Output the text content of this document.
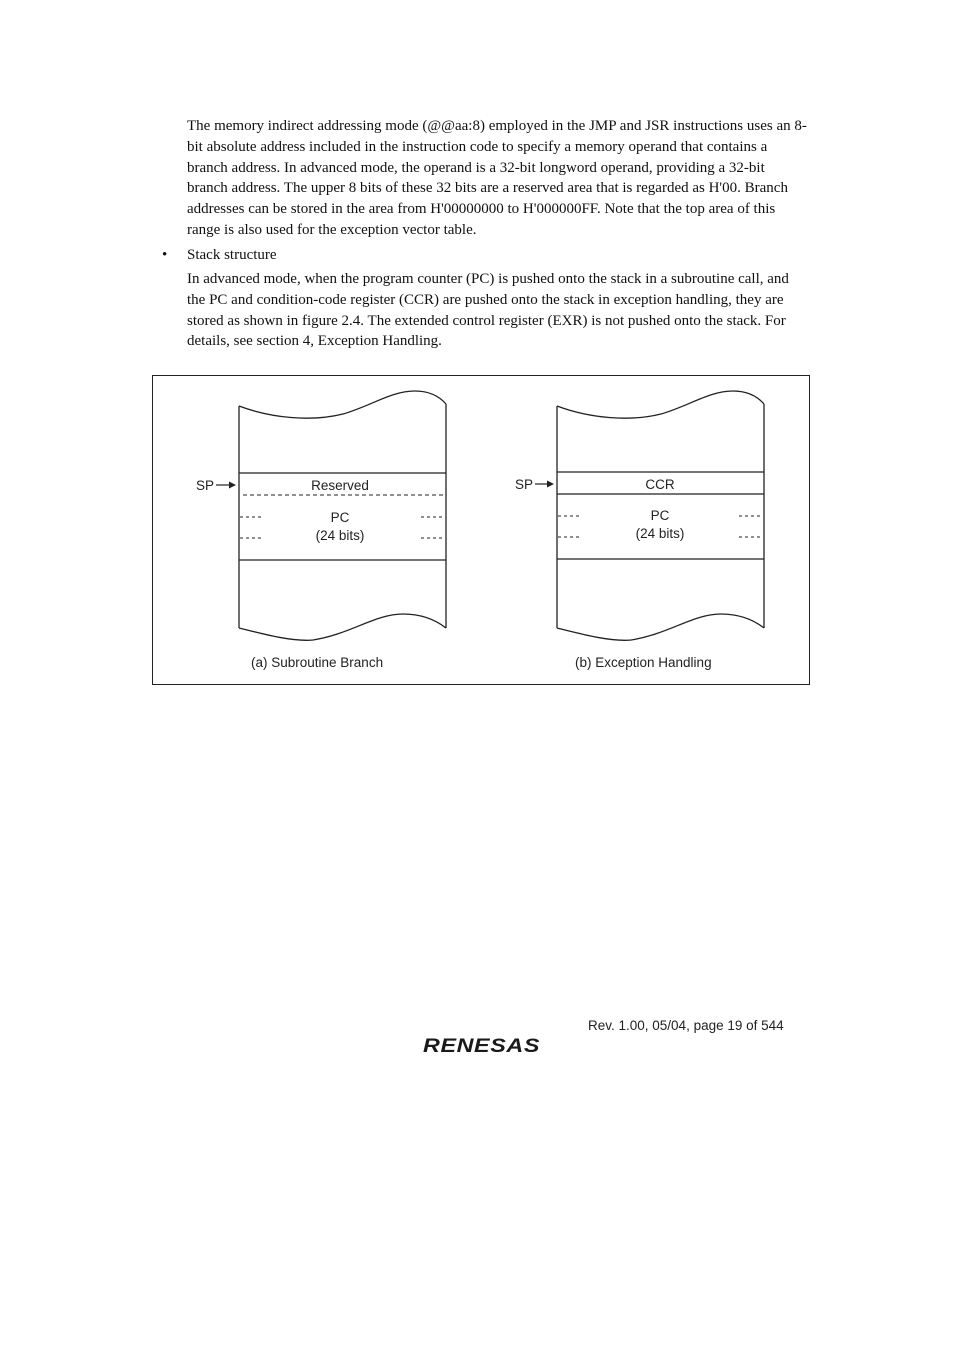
The memory indirect addressing mode (@@aa:8) employed in the JMP and JSR instructions uses an 8-bit absolute address included in the instruction code to specify a memory operand that contains a branch address. In advanced mode, the operand is a 32-bit longword operand, providing a 32-bit branch address. The upper 8 bits of these 32 bits are a reserved area that is regarded as H'00. Branch addresses can be stored in the area from H'00000000 to H'000000FF. Note that the top area of this range is also used for the exception vector table.

• Stack structure

In advanced mode, when the program counter (PC) is pushed onto the stack in a subroutine call, and the PC and condition-code register (CCR) are pushed onto the stack in exception handling, they are stored as shown in figure 2.4. The extended control register (EXR) is not pushed onto the stack. For details, see section 4, Exception Handling.

SP	Reserved
PC
(24 bits)
(a) Subroutine Branch
SP	CCR
PC
(24 bits)
(b) Exception Handling
Rev. 1.00, 05/04, page 19 of 544
RENESAS
